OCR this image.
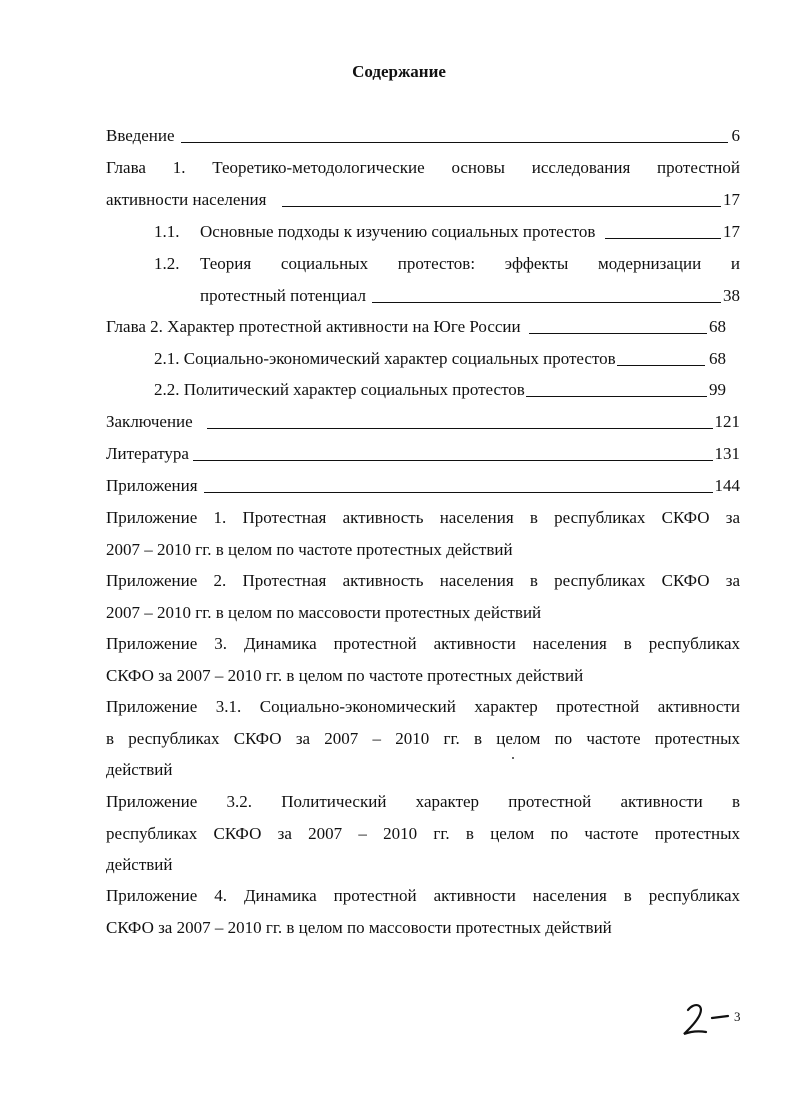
Содержание
Введение	6
Глава 1. Теоретико-методологические основы исследования протестной
активности населения	17
1.1.	Основные подходы к изучению социальных протестов	17
1.2.	Теория социальных протестов: эффекты модернизации и
протестный потенциал	38
Глава 2. Характер протестной активности на Юге России	68
2.1. Социально-экономический характер социальных протестов	68
2.2. Политический характер социальных протестов	99
Заключение	121
Литература	131
Приложения	144
Приложение 1. Протестная активность населения в республиках СКФО за
2007 – 2010 гг. в целом по частоте протестных действий
Приложение 2. Протестная активность населения в республиках СКФО за
2007 – 2010 гг. в целом по массовости протестных действий
Приложение 3. Динамика протестной активности населения в республиках
СКФО за 2007 – 2010 гг. в целом по частоте протестных действий
Приложение 3.1. Социально-экономический характер протестной активности
в республиках СКФО за 2007 – 2010 гг. в целом по частоте протестных
действий
Приложение 3.2. Политический характер протестной активности в
республиках СКФО за 2007 – 2010 гг. в целом по частоте протестных
действий
Приложение 4. Динамика протестной активности населения в республиках
СКФО за 2007 – 2010 гг. в целом по массовости протестных действий
3
